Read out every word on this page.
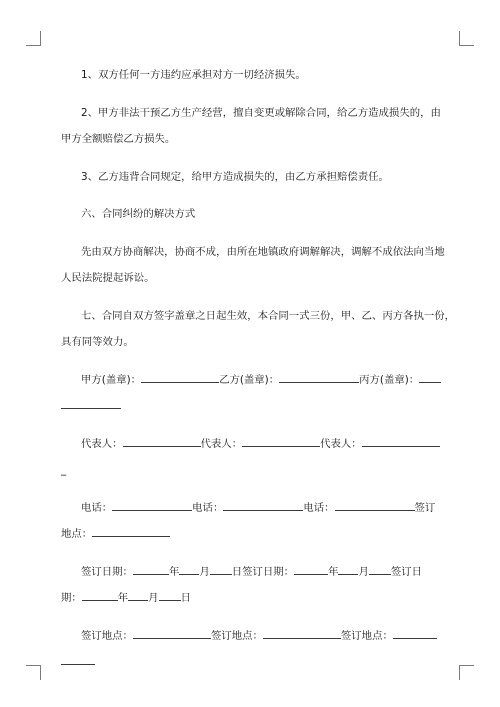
1、双方任何一方违约应承担对方一切经济损失。
2、甲方非法干预乙方生产经营，擅自变更或解除合同，给乙方造成损失的，由
甲方全额赔偿乙方损失。
3、乙方违背合同规定，给甲方造成损失的，由乙方承担赔偿责任。
六、合同纠纷的解决方式
先由双方协商解决，协商不成，由所在地镇政府调解解决，调解不成依法向当地
人民法院提起诉讼。
七、合同自双方签字盖章之日起生效，本合同一式三份，甲、乙、丙方各执一份，
具有同等效力。
甲方(盖章)：	乙方(盖章)：	丙方(盖章)：
代表人：	代表人：	代表人：
_
电话：	电话：	电话：	签订
地点：
签订日期：	年 月 日签订日期：	年 月 签订日
期：	年 月 日
签订地点：	签订地点：	签订地点：
